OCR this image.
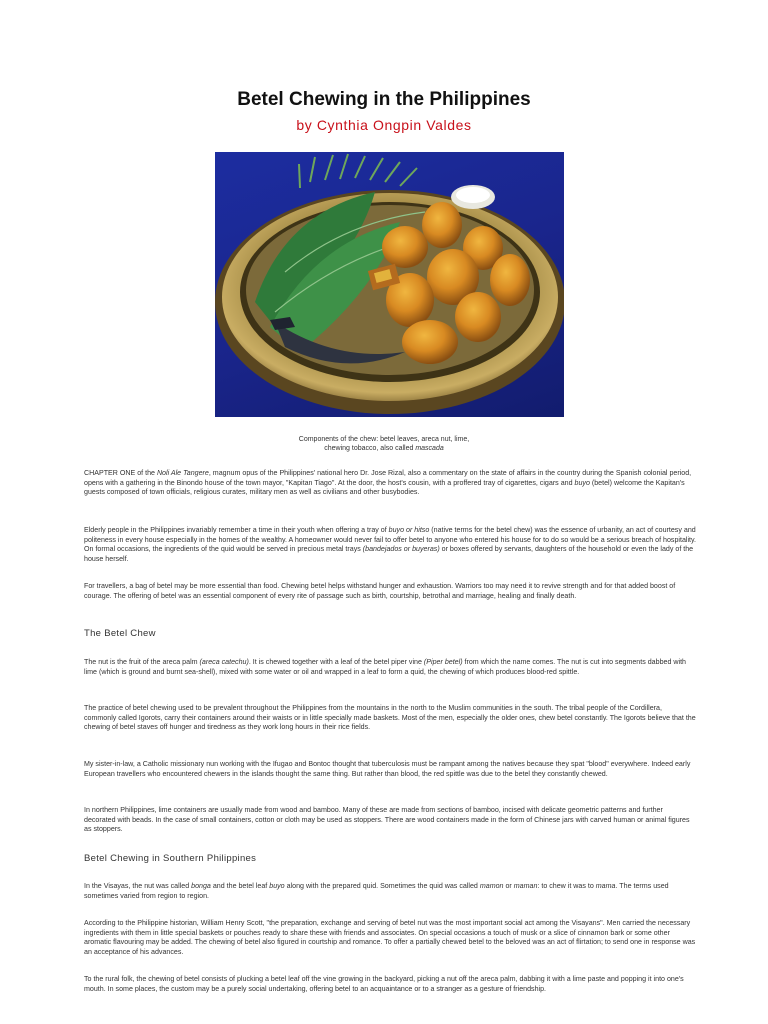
Betel Chewing in the Philippines
by Cynthia Ongpin Valdes
Components of the chew: betel leaves, areca nut, lime,
chewing tobacco, also called mascada

CHAPTER ONE of the Noli Ale Tangere, magnum opus of the Philippines' national hero Dr. Jose Rizal, also a commentary on the state of affairs in the country during the Spanish colonial period, opens with a gathering in the Binondo house of the town mayor, "Kapitan Tiago". At the door, the host's cousin, with a proffered tray of cigarettes, cigars and buyo (betel) welcome the Kapitan's guests composed of town officials, religious curates, military men as well as civilians and other busybodies.

Elderly people in the Philippines invariably remember a time in their youth when offering a tray of buyo or hitso (native terms for the betel chew) was the essence of urbanity, an act of courtesy and politeness in every house especially in the homes of the wealthy. A homeowner would never fail to offer betel to anyone who entered his house for to do so would be a serious breach of hospitality. On formal occasions, the ingredients of the quid would be served in precious metal trays (bandejados or buyeras) or boxes offered by servants, daughters of the household or even the lady of the house herself.

For travellers, a bag of betel may be more essential than food. Chewing betel helps withstand hunger and exhaustion. Warriors too may need it to revive strength and for that added boost of courage. The offering of betel was an essential component of every rite of passage such as birth, courtship, betrothal and marriage, healing and finally death.

The Betel Chew

The nut is the fruit of the areca palm (areca catechu). It is chewed together with a leaf of the betel piper vine (Piper betel) from which the name comes. The nut is cut into segments dabbed with lime (which is ground and burnt sea-shell), mixed with some water or oil and wrapped in a leaf to form a quid, the chewing of which produces blood-red spittle.

The practice of betel chewing used to be prevalent throughout the Philippines from the mountains in the north to the Muslim communities in the south. The tribal people of the Cordillera, commonly called Igorots, carry their containers around their waists or in little specially made baskets. Most of the men, especially the older ones, chew betel constantly. The Igorots believe that the chewing of betel staves off hunger and tiredness as they work long hours in their rice fields.

My sister-in-law, a Catholic missionary nun working with the Ifugao and Bontoc thought that tuberculosis must be rampant among the natives because they spat "blood" everywhere. Indeed early European travellers who encountered chewers in the islands thought the same thing. But rather than blood, the red spittle was due to the betel they constantly chewed.

In northern Philippines, lime containers are usually made from wood and bamboo. Many of these are made from sections of bamboo, incised with delicate geometric patterns and further decorated with beads. In the case of small containers, cotton or cloth may be used as stoppers. There are wood containers made in the form of Chinese jars with carved human or animal figures as stoppers.

Betel Chewing in Southern Philippines

In the Visayas, the nut was called bonga and the betel leaf buyo along with the prepared quid. Sometimes the quid was called mamon or maman: to chew it was to mama. The terms used sometimes varied from region to region.

According to the Philippine historian, William Henry Scott, "the preparation, exchange and serving of betel nut was the most important social act among the Visayans". Men carried the necessary ingredients with them in little special baskets or pouches ready to share these with friends and associates. On special occasions a touch of musk or a slice of cinnamon bark or some other aromatic flavouring may be added. The chewing of betel also figured in courtship and romance. To offer a partially chewed betel to the beloved was an act of flirtation; to send one in response was an acceptance of his advances.

To the rural folk, the chewing of betel consists of plucking a betel leaf off the vine growing in the backyard, picking a nut off the areca palm, dabbing it with a lime paste and popping it into one's mouth. In some places, the custom may be a purely social undertaking, offering betel to an acquaintance or to a stranger as a gesture of friendship.
